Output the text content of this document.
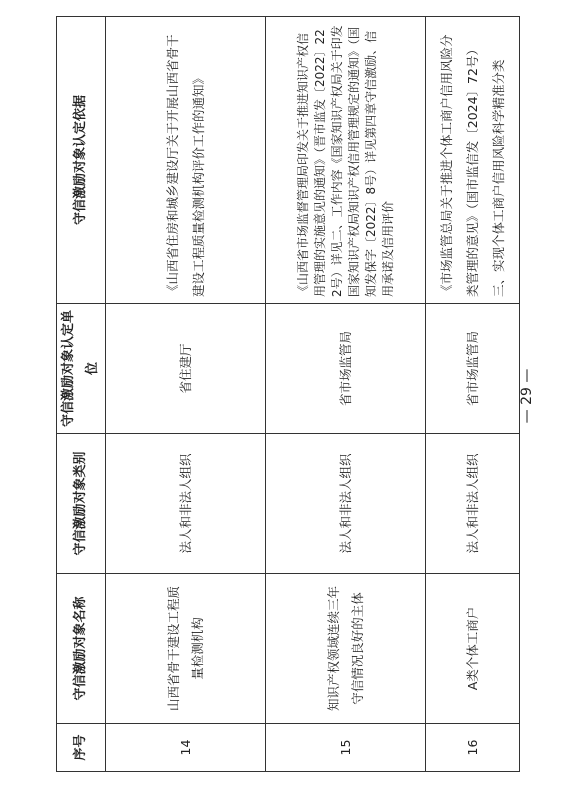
序号	守信激励对象名称	守信激励对象类别	守信激励对象认定单位	守信激励对象认定依据
14	山西省骨干建设工程质量检测机构	法人和非法人组织	省住建厅	《山西省住房和城乡建设厅关于开展山西省骨干建设工程质量检测机构评价工作的通知》
15	知识产权领域连续三年守信情况良好的主体	法人和非法人组织	省市场监管局	《山西省市场监督管理局印发关于推进知识产权信用管理的实施意见的通知》（晋市监发〔2022〕222号）详见二、工作内容《国家知识产权局关于印发国家知识产权局知识产权信用管理规定的通知》（国知发保字〔2022〕8号）详见第四章守信激励、信用承诺及信用评价
16	A类个体工商户	法人和非法人组织	省市场监管局	《市场监管总局关于推进个体工商户信用风险分类管理的意见》（国市监信发〔2024〕72号）三、实现个体工商户信用风险科学精准分类
— 29 —
